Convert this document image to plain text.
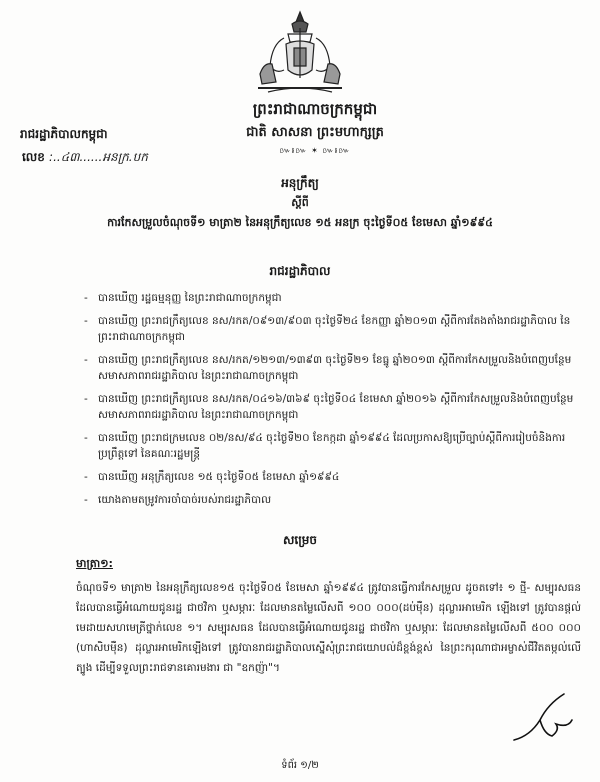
ព្រះរាជាណាចក្រកម្ពុជា
ជាតិ សាសនា ព្រះមហាក្សត្រ
៚៛៚ ✶ ៚៛៚
រាជរដ្ឋាភិបាលកម្ពុជា
លេខ :..៤៣......អនក្រ.បក
អនុក្រឹត្យ
ស្ដីពី
ការកែសម្រួលចំណុចទី១ មាត្រា២ នៃអនុក្រឹត្យលេខ ១៥ អនក្រ ចុះថ្ងៃទី០៥ ខែមេសា ឆ្នាំ១៩៩៤
រាជរដ្ឋាភិបាល
- បានឃើញ រដ្ឋធម្មនុញ្ញ នៃព្រះរាជាណាចក្រកម្ពុជា
- បានឃើញ ព្រះរាជក្រឹត្យលេខ នស/រកត/០៩១៣/៩០៣ ចុះថ្ងៃទី២៤ ខែកញ្ញា ឆ្នាំ២០១៣ ស្ដីពីការតែងតាំងរាជរដ្ឋាភិបាល នៃព្រះរាជាណាចក្រកម្ពុជា
- បានឃើញ ព្រះរាជក្រឹត្យលេខ នស/រកត/១២១៣/១៣៩៣ ចុះថ្ងៃទី២១ ខែធ្នូ ឆ្នាំ២០១៣ ស្ដីពីការកែសម្រួលនិងបំពេញបន្ថែមសមាសភាពរាជរដ្ឋាភិបាល នៃព្រះរាជាណាចក្រកម្ពុជា
- បានឃើញ ព្រះរាជក្រឹត្យលេខ នស/រកត/០៤១៦/៣៦៩ ចុះថ្ងៃទី០៤ ខែមេសា ឆ្នាំ២០១៦ ស្ដីពីការកែសម្រួលនិងបំពេញបន្ថែមសមាសភាពរាជរដ្ឋាភិបាល នៃព្រះរាជាណាចក្រកម្ពុជា
- បានឃើញ ព្រះរាជក្រមលេខ ០២/នស/៩៤ ចុះថ្ងៃទី២០ ខែកក្កដា ឆ្នាំ១៩៩៤ ដែលប្រកាសឱ្យប្រើច្បាប់ស្ដីពីការរៀបចំនិងការប្រព្រឹត្តទៅ នៃគណៈរដ្ឋមន្ត្រី
- បានឃើញ អនុក្រឹត្យលេខ ១៥ ចុះថ្ងៃទី០៥ ខែមេសា ឆ្នាំ១៩៩៤
- យោងតាមតម្រូវការចាំបាច់របស់រាជរដ្ឋាភិបាល
សម្រេច
មាត្រា១:
ចំណុចទី១ មាត្រា២ នៃអនុក្រឹត្យលេខ១៥ ចុះថ្ងៃទី០៥ ខែមេសា ឆ្នាំ១៩៩៤ ត្រូវបានធ្វើការកែសម្រួល ដូចតទៅ៖ ១ ថ្មី- សម្បុរសធន ដែលបានធ្វើអំណោយជូនរដ្ឋ ជាថវិកា ឬសម្ភារៈ ដែលមានតម្លៃលើសពី ១០០ ០០០(ដប់ម៉ឺន) ដុល្លារអាមេរិក ឡើងទៅ ត្រូវបានផ្ដល់មេដាយសហមេត្រីថ្នាក់លេខ ១។ សម្បុរសធន ដែលបានធ្វើអំណោយជូនរដ្ឋ ជាថវិកា ឬសម្ភារៈ ដែលមានតម្លៃលើសពី ៥០០ ០០០ (ហាសិបម៉ឺន) ដុល្លារអាមេរិកឡើងទៅ ត្រូវបានរាជរដ្ឋាភិបាលស្នើសុំព្រះរាជយោបល់ដ៏ខ្ពង់ខ្ពស់ នៃព្រះករុណាជាអម្ចាស់ជីវិតតម្កល់លើត្បូង ដើម្បីទទួលព្រះរាជទានគោរមងារ ជា "ឧកញ៉ា"។
ទំព័រ ១/២
